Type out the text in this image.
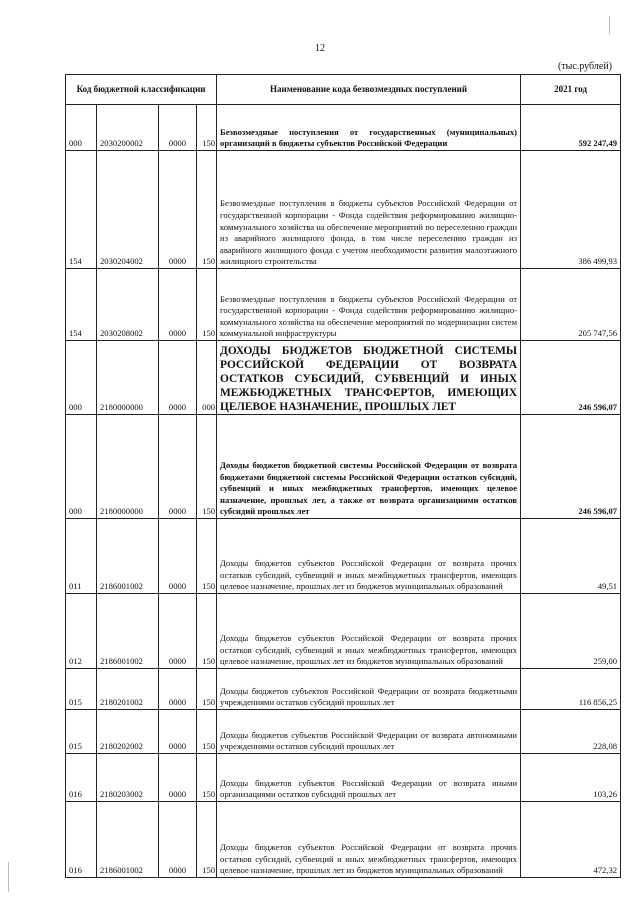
12
(тыс.рублей)
Код бюджетной классификации				Наименование кода безвозмездных поступлений	2021 год
000	2030200002	0000	150	Безвозмездные поступления от государственных (муниципальных) организаций в бюджеты субъектов Российской Федерации	592 247,49
154	2030204002	0000	150	Безвозмездные поступления в бюджеты субъектов Российской Федерации от государственной корпорации - Фонда содействия реформированию жилищно-коммунального хозяйства на обеспечение мероприятий по переселению граждан из аварийного жилищного фонда, в том числе переселению граждан из аварийного жилищного фонда с учетом необходимости развития малоэтажного жилищного строительства	386 499,93
154	2030208002	0000	150	Безвозмездные поступления в бюджеты субъектов Российской Федерации от государственной корпорации - Фонда содействия реформированию жилищно-коммунального хозяйства на обеспечение мероприятий по модернизации систем коммунальной инфраструктуры	205 747,56
000	2180000000	0000	000	ДОХОДЫ БЮДЖЕТОВ БЮДЖЕТНОЙ СИСТЕМЫ РОССИЙСКОЙ ФЕДЕРАЦИИ ОТ ВОЗВРАТА ОСТАТКОВ СУБСИДИЙ, СУБВЕНЦИЙ И ИНЫХ МЕЖБЮДЖЕТНЫХ ТРАНСФЕРТОВ, ИМЕЮЩИХ ЦЕЛЕВОЕ НАЗНАЧЕНИЕ, ПРОШЛЫХ ЛЕТ	246 596,07
000	2180000000	0000	150	Доходы бюджетов бюджетной системы Российской Федерации от возврата бюджетами бюджетной системы Российской Федерации остатков субсидий, субвенций и иных межбюджетных трансфертов, имеющих целевое назначение, прошлых лет, а также от возврата организациями остатков субсидий прошлых лет	246 596,07
011	2186001002	0000	150	Доходы бюджетов субъектов Российской Федерации от возврата прочих остатков субсидий, субвенций и иных межбюджетных трансфертов, имеющих целевое назначение, прошлых лет из бюджетов муниципальных образований	49,51
012	2186001002	0000	150	Доходы бюджетов субъектов Российской Федерации от возврата прочих остатков субсидий, субвенций и иных межбюджетных трансфертов, имеющих целевое назначение, прошлых лет из бюджетов муниципальных образований	259,00
015	2180201002	0000	150	Доходы бюджетов субъектов Российской Федерации от возврата бюджетными учреждениями остатков субсидий прошлых лет	116 856,25
015	2180202002	0000	150	Доходы бюджетов субъектов Российской Федерации от возврата автономными учреждениями остатков субсидий прошлых лет	228,08
016	2180203002	0000	150	Доходы бюджетов субъектов Российской Федерации от возврата иными организациями остатков субсидий прошлых лет	103,26
016	2186001002	0000	150	Доходы бюджетов субъектов Российской Федерации от возврата прочих остатков субсидий, субвенций и иных межбюджетных трансфертов, имеющих целевое назначение, прошлых лет из бюджетов муниципальных образований	472,32
